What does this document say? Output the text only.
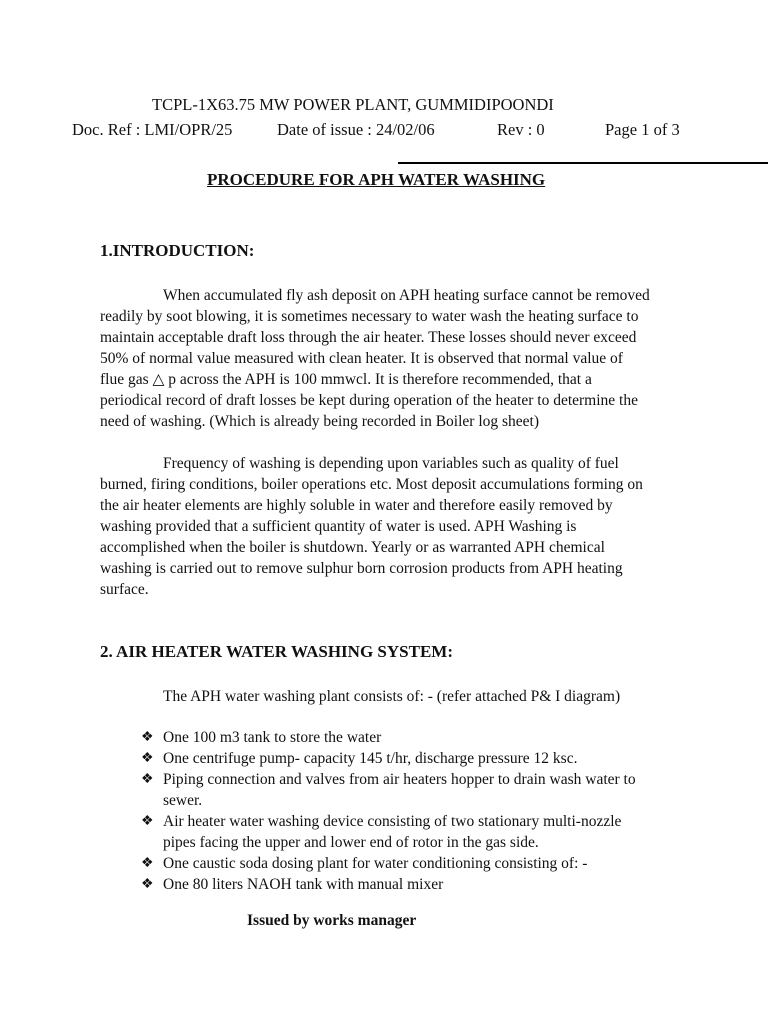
TCPL-1X63.75 MW POWER PLANT, GUMMIDIPOONDI
Doc. Ref : LMI/OPR/25	Date of issue : 24/02/06	Rev : 0	Page 1 of 3
PROCEDURE FOR APH WATER WASHING
1.INTRODUCTION:
When accumulated fly ash deposit on APH heating surface cannot be removed
readily by soot blowing, it is sometimes necessary to water wash the heating surface to
maintain acceptable draft loss through the air heater. These losses should never exceed
50% of normal value measured with clean heater. It is observed that normal value of
flue gas △ p across the APH is 100 mmwcl. It is therefore recommended, that a
periodical record of draft losses be kept during operation of the heater to determine the
need of washing. (Which is already being recorded in Boiler log sheet)
Frequency of washing is depending upon variables such as quality of fuel
burned, firing conditions, boiler operations etc. Most deposit accumulations forming on
the air heater elements are highly soluble in water and therefore easily removed by
washing provided that a sufficient quantity of water is used. APH Washing is
accomplished when the boiler is shutdown. Yearly or as warranted APH chemical
washing is carried out to remove sulphur born corrosion products from APH heating
surface.
2. AIR HEATER WATER WASHING SYSTEM:
The APH water washing plant consists of: - (refer attached P& I diagram)
❖ One 100 m3 tank to store the water
❖ One centrifuge pump- capacity 145 t/hr, discharge pressure 12 ksc.
❖ Piping connection and valves from air heaters hopper to drain wash water to
sewer.
❖ Air heater water washing device consisting of two stationary multi-nozzle
pipes facing the upper and lower end of rotor in the gas side.
❖ One caustic soda dosing plant for water conditioning consisting of: -
❖ One 80 liters NAOH tank with manual mixer
Issued by works manager
